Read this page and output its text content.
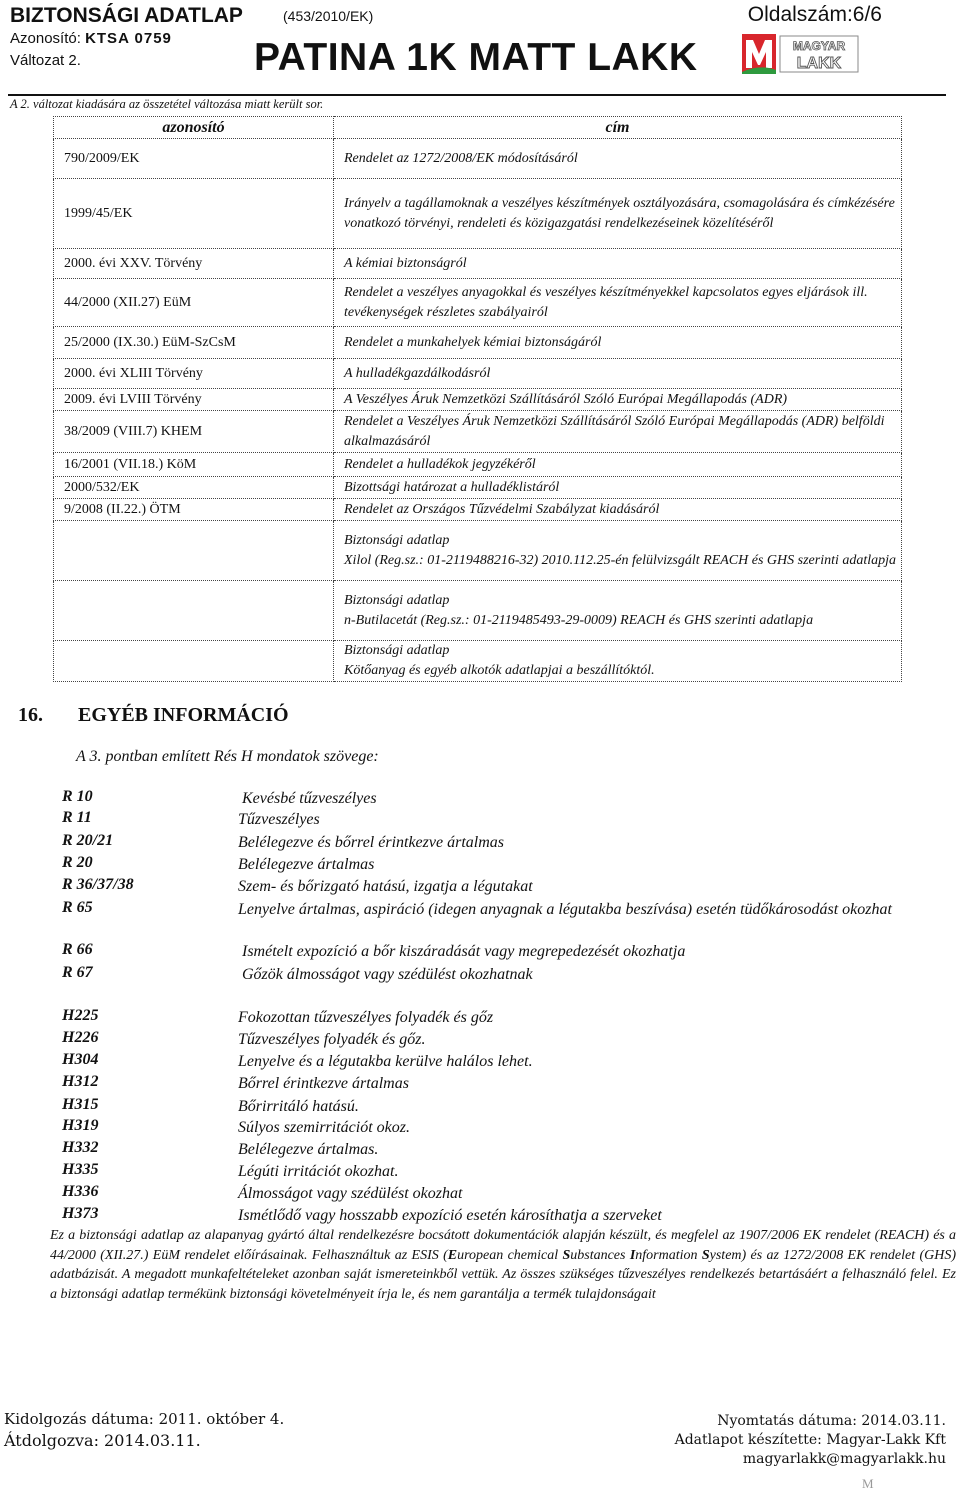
BIZTONSÁGI ADATLAP	(453/2010/EK)	Oldalszám:6/6
Azonosító: KTSA 0759
Változat 2.	PATINA 1K MATT LAKK	MAGYAR
LAKK
A 2. változat kiadására az összetétel változása miatt került sor.
azonosító	cím
790/2009/EK	Rendelet az 1272/2008/EK módosításáról
1999/45/EK	Irányelv a tagállamoknak a veszélyes készítmények osztályozására, csomagolására és címkézésére vonatkozó törvényi, rendeleti és közigazgatási rendelkezéseinek közelítéséről
2000. évi XXV. Törvény	A kémiai biztonságról
44/2000 (XII.27) EüM	Rendelet a veszélyes anyagokkal és veszélyes készítményekkel kapcsolatos egyes eljárások ill. tevékenységek részletes szabályairól
25/2000 (IX.30.) EüM-SzCsM	Rendelet a munkahelyek kémiai biztonságáról
2000. évi XLIII Törvény	A hulladékgazdálkodásról
2009. évi LVIII Törvény	A Veszélyes Áruk Nemzetközi Szállításáról Szóló Európai Megállapodás (ADR)
38/2009 (VIII.7) KHEM	Rendelet a Veszélyes Áruk Nemzetközi Szállításáról Szóló Európai Megállapodás (ADR) belföldi alkalmazásáról
16/2001 (VII.18.) KöM	Rendelet a hulladékok jegyzékéről
2000/532/EK	Bizottsági határozat a hulladéklistáról
9/2008 (II.22.) ÖTM	Rendelet az Országos Tűzvédelmi Szabályzat kiadásáról
	Biztonsági adatlap
Xilol (Reg.sz.: 01-2119488216-32) 2010.112.25-én felülvizsgált REACH és GHS szerinti adatlapja
	Biztonsági adatlap
n-Butilacetát (Reg.sz.: 01-2119485493-29-0009) REACH és GHS szerinti adatlapja
	Biztonsági adatlap
Kötőanyag és egyéb alkotók adatlapjai a beszállítóktól.
16. EGYÉB INFORMÁCIÓ
A 3. pontban említett Rés H mondatok szövege:
R 10	Kevésbé tűzveszélyes
R 11	Tűzveszélyes
R 20/21	Belélegezve és bőrrel érintkezve ártalmas
R 20	Belélegezve ártalmas
R 36/37/38	Szem- és bőrizgató hatású, izgatja a légutakat
R 65	Lenyelve ártalmas, aspiráció (idegen anyagnak a légutakba beszívása) esetén tüdőkárosodást okozhat
R 66	Ismételt expozíció a bőr kiszáradását vagy megrepedezését okozhatja
R 67	Gőzök álmosságot vagy szédülést okozhatnak
H225	Fokozottan tűzveszélyes folyadék és gőz
H226	Tűzveszélyes folyadék és gőz.
H304	Lenyelve és a légutakba kerülve halálos lehet.
H312	Bőrrel érintkezve ártalmas
H315	Bőrirritáló hatású.
H319	Súlyos szemirritációt okoz.
H332	Belélegezve ártalmas.
H335	Légúti irritációt okozhat.
H336	Álmosságot vagy szédülést okozhat
H373	Ismétlődő vagy hosszabb expozíció esetén károsíthatja a szerveket

Ez a biztonsági adatlap az alapanyag gyártó által rendelkezésre bocsátott dokumentációk alapján készült, és megfelel az 1907/2006 EK rendelet (REACH) és a 44/2000 (XII.27.) EüM rendelet előírásainak. Felhasználtuk az ESIS (European chemical Substances Information System) és az 1272/2008 EK rendelet (GHS) adatbázisát. A megadott munkafeltételeket azonban saját ismereteinkből vettük. Az összes szükséges tűzveszélyes rendelkezés betartásáért a felhasználó felel. Ez a biztonsági adatlap termékünk biztonsági követelményeit írja le, és nem garantálja a termék tulajdonságait

Kidolgozás dátuma: 2011. október 4.
Átdolgozva: 2014.03.11.
Nyomtatás dátuma: 2014.03.11.
Adatlapot készítette: Magyar-Lakk Kft
magyarlakk@magyarlakk.hu
M
